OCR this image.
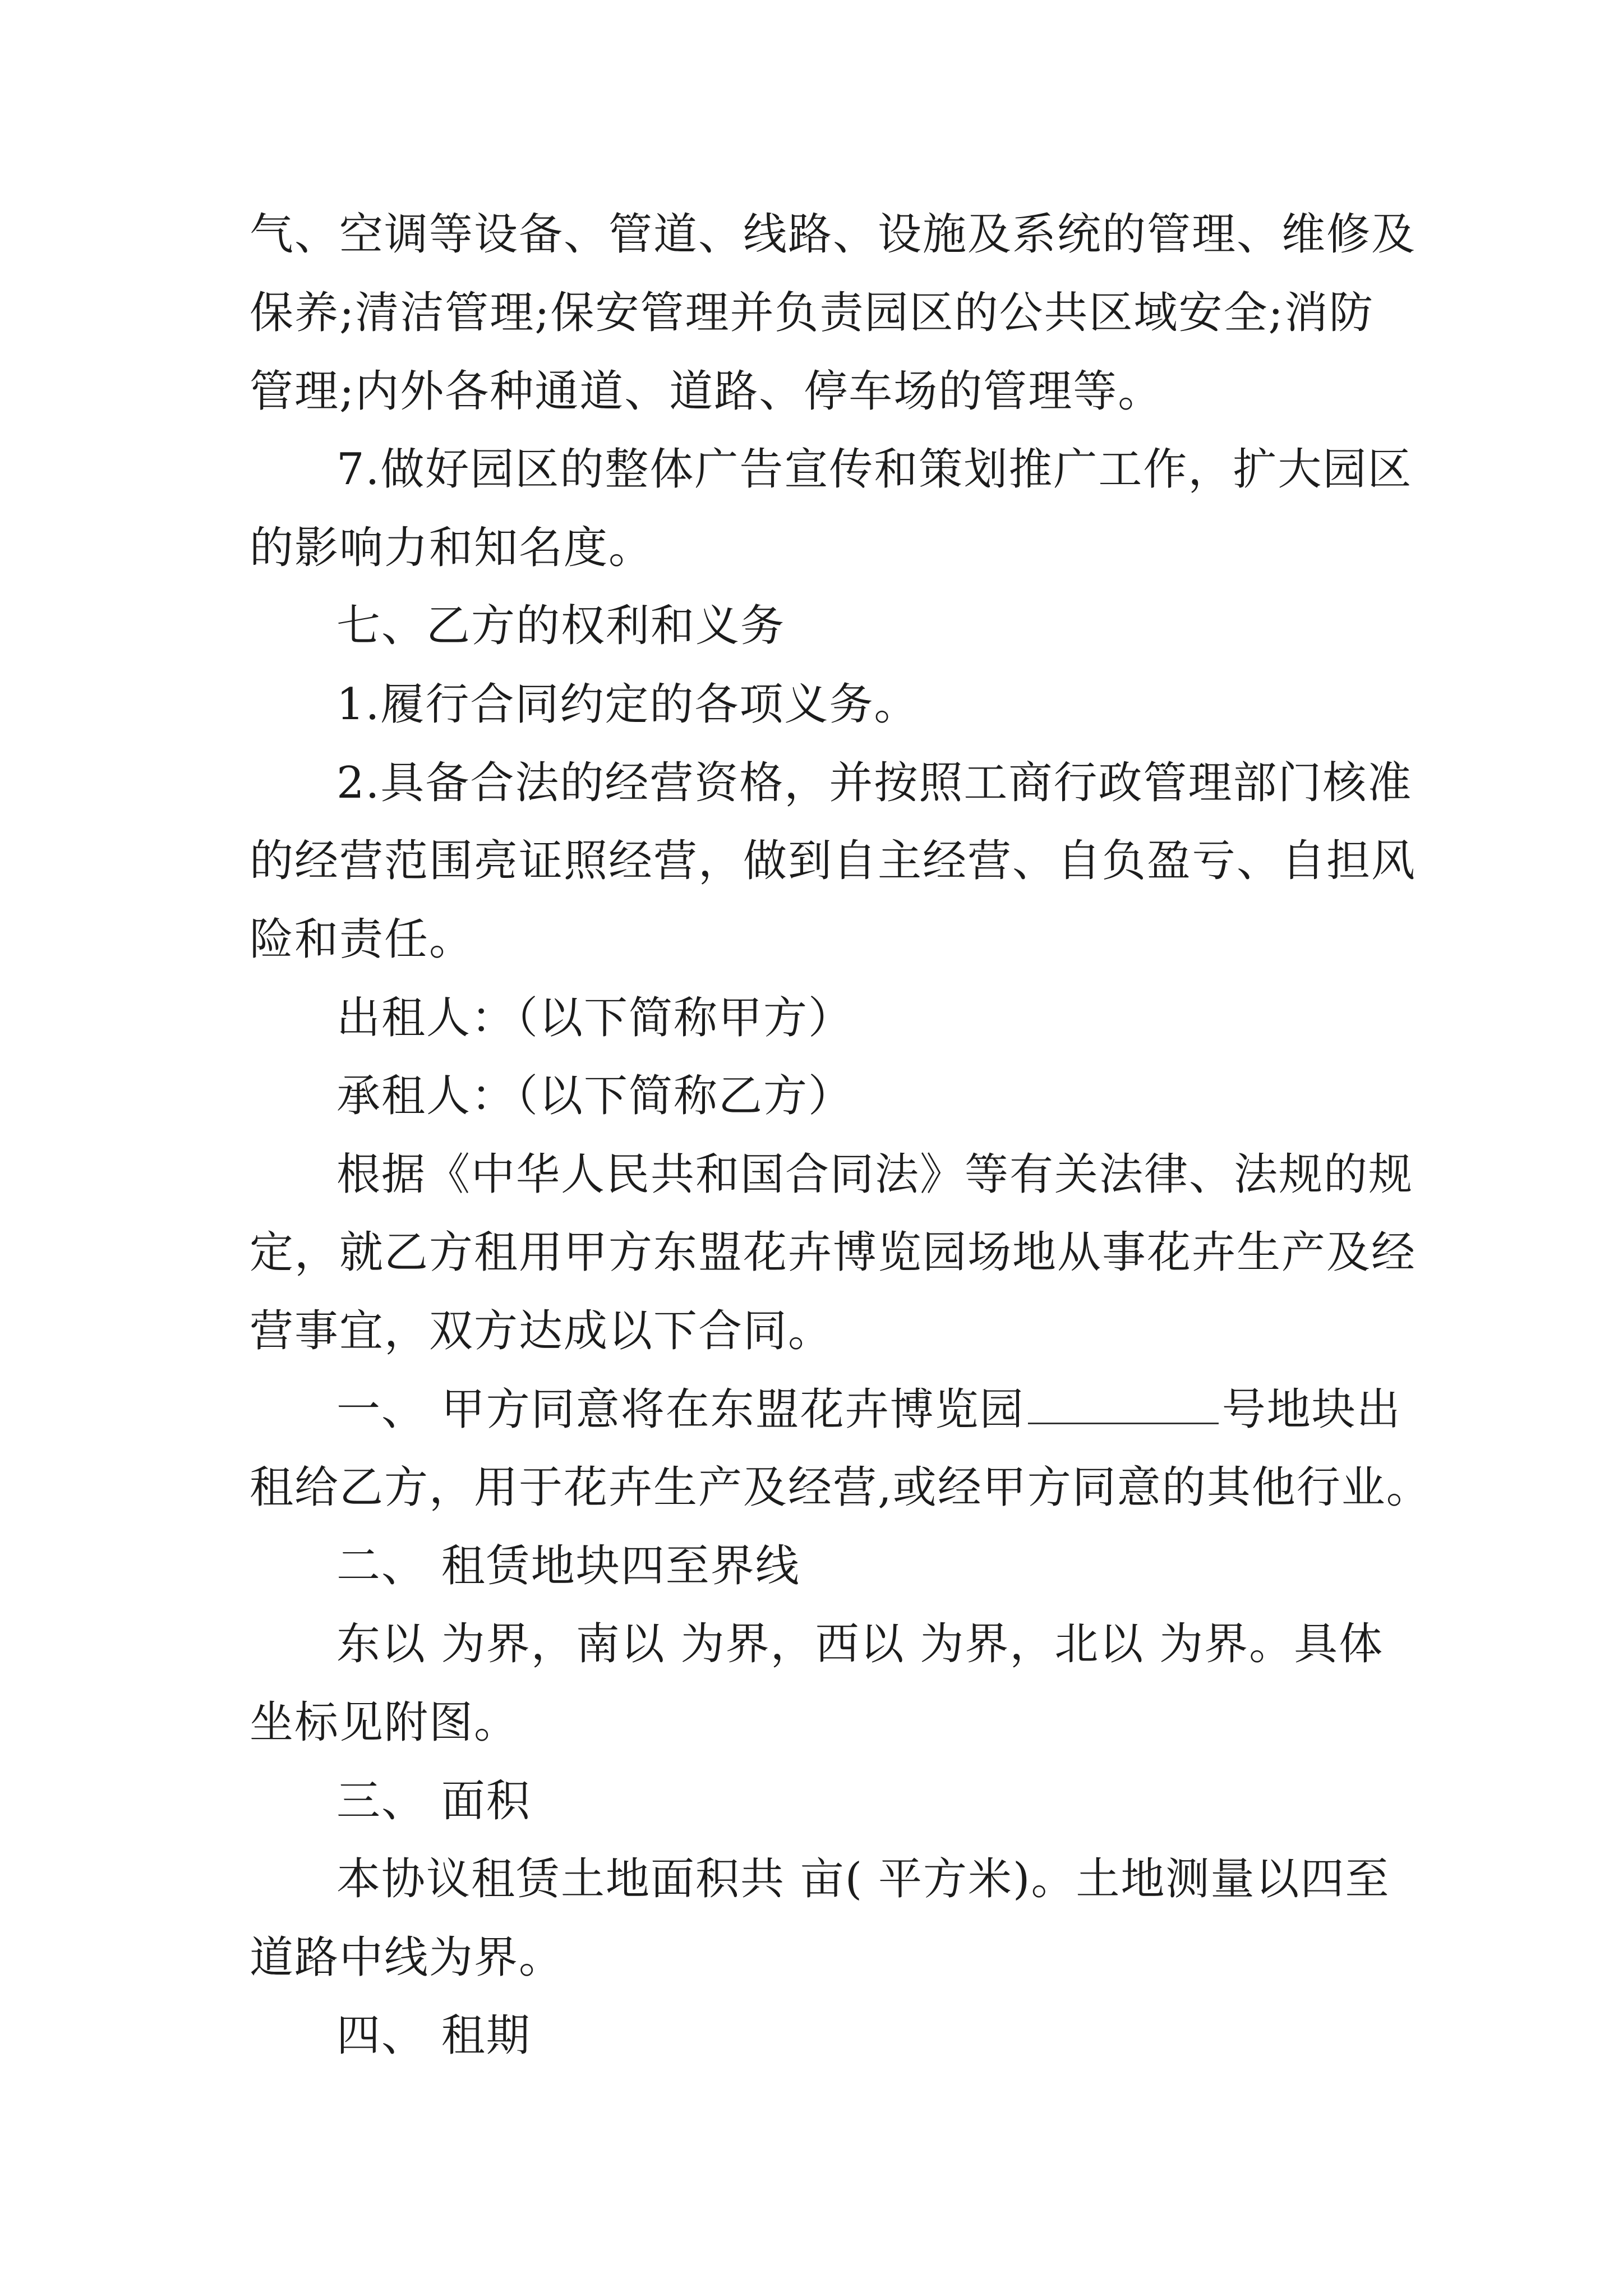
气、空调等设备、管道、线路、设施及系统的管理、维修及
保养;清洁管理;保安管理并负责园区的公共区域安全;消防
管理;内外各种通道、道路、停车场的管理等。
7.做好园区的整体广告宣传和策划推广工作，扩大园区
的影响力和知名度。
七、乙方的权利和义务
1.履行合同约定的各项义务。
2.具备合法的经营资格，并按照工商行政管理部门核准
的经营范围亮证照经营，做到自主经营、自负盈亏、自担风
险和责任。
出租人：（以下简称甲方）
承租人：（以下简称乙方）
根据《中华人民共和国合同法》等有关法律、法规的规
定，就乙方租用甲方东盟花卉博览园场地从事花卉生产及经
营事宜，双方达成以下合同。
一、 甲方同意将在东盟花卉博览园	号地块出
租给乙方，用于花卉生产及经营,或经甲方同意的其他行业。
二、 租赁地块四至界线
东以 为界，南以 为界，西以 为界，北以 为界。具体
坐标见附图。
三、 面积
本协议租赁土地面积共 亩( 平方米)。土地测量以四至
道路中线为界。
四、 租期
